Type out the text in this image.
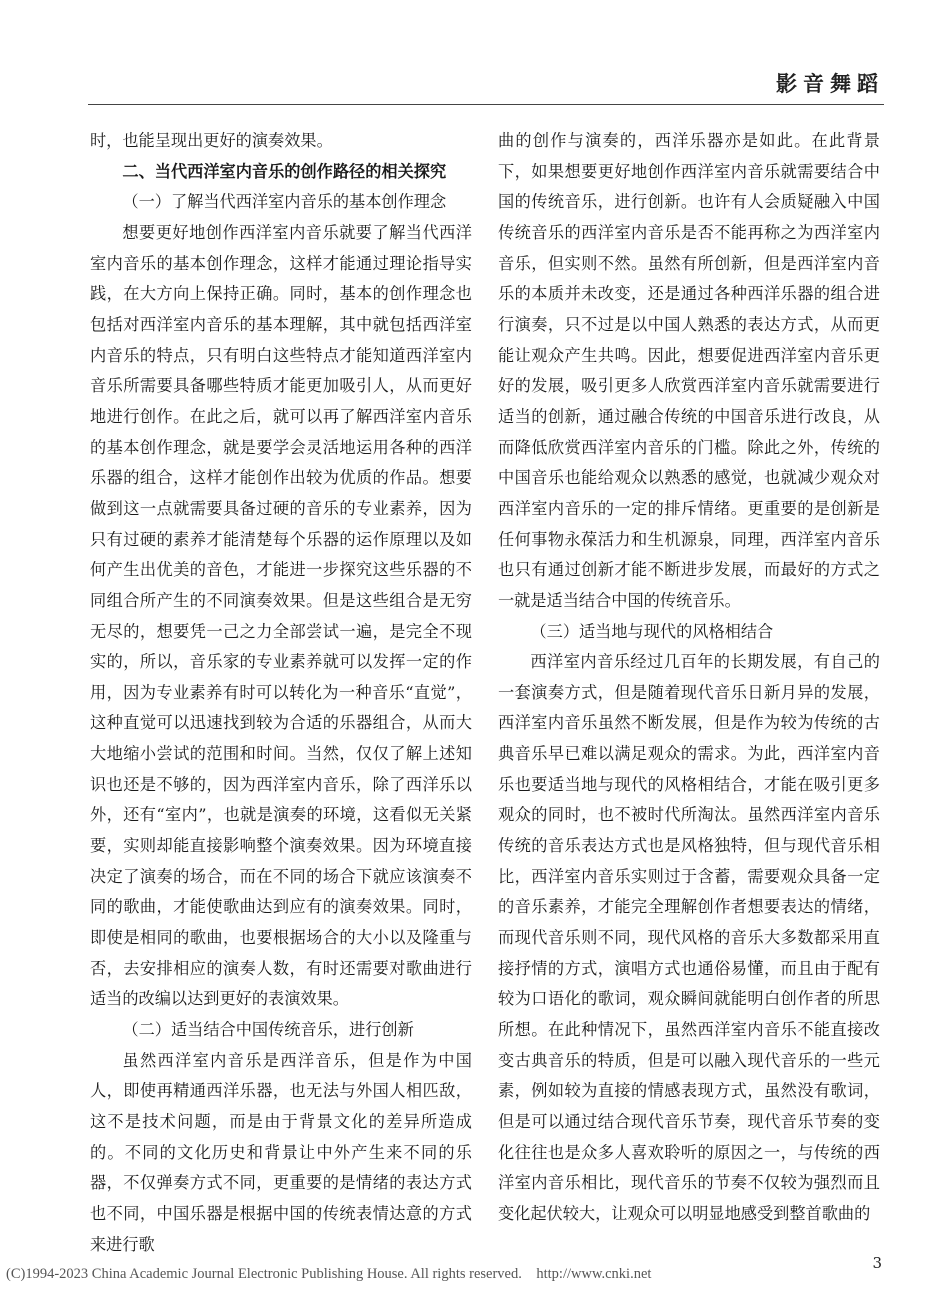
影音舞蹈

时，也能呈现出更好的演奏效果。

二、当代西洋室内音乐的创作路径的相关探究
（一）了解当代西洋室内音乐的基本创作理念

想要更好地创作西洋室内音乐就要了解当代西洋室内音乐的基本创作理念，这样才能通过理论指导实践，在大方向上保持正确。同时，基本的创作理念也包括对西洋室内音乐的基本理解，其中就包括西洋室内音乐的特点，只有明白这些特点才能知道西洋室内音乐所需要具备哪些特质才能更加吸引人，从而更好地进行创作。在此之后，就可以再了解西洋室内音乐的基本创作理念，就是要学会灵活地运用各种的西洋乐器的组合，这样才能创作出较为优质的作品。想要做到这一点就需要具备过硬的音乐的专业素养，因为只有过硬的素养才能清楚每个乐器的运作原理以及如何产生出优美的音色，才能进一步探究这些乐器的不同组合所产生的不同演奏效果。但是这些组合是无穷无尽的，想要凭一己之力全部尝试一遍，是完全不现实的，所以，音乐家的专业素养就可以发挥一定的作用，因为专业素养有时可以转化为一种音乐“直觉”，这种直觉可以迅速找到较为合适的乐器组合，从而大大地缩小尝试的范围和时间。当然，仅仅了解上述知识也还是不够的，因为西洋室内音乐，除了西洋乐以外，还有“室内”，也就是演奏的环境，这看似无关紧要，实则却能直接影响整个演奏效果。因为环境直接决定了演奏的场合，而在不同的场合下就应该演奏不同的歌曲，才能使歌曲达到应有的演奏效果。同时，即使是相同的歌曲，也要根据场合的大小以及隆重与否，去安排相应的演奏人数，有时还需要对歌曲进行适当的改编以达到更好的表演效果。

（二）适当结合中国传统音乐，进行创新

虽然西洋室内音乐是西洋音乐，但是作为中国人，即使再精通西洋乐器，也无法与外国人相匹敌，这不是技术问题，而是由于背景文化的差异所造成的。不同的文化历史和背景让中外产生来不同的乐器，不仅弹奏方式不同，更重要的是情绪的表达方式也不同，中国乐器是根据中国的传统表情达意的方式来进行歌

曲的创作与演奏的，西洋乐器亦是如此。在此背景下，如果想要更好地创作西洋室内音乐就需要结合中国的传统音乐，进行创新。也许有人会质疑融入中国传统音乐的西洋室内音乐是否不能再称之为西洋室内音乐，但实则不然。虽然有所创新，但是西洋室内音乐的本质并未改变，还是通过各种西洋乐器的组合进行演奏，只不过是以中国人熟悉的表达方式，从而更能让观众产生共鸣。因此，想要促进西洋室内音乐更好的发展，吸引更多人欣赏西洋室内音乐就需要进行适当的创新，通过融合传统的中国音乐进行改良，从而降低欣赏西洋室内音乐的门槛。除此之外，传统的中国音乐也能给观众以熟悉的感觉，也就减少观众对西洋室内音乐的一定的排斥情绪。更重要的是创新是任何事物永葆活力和生机源泉，同理，西洋室内音乐也只有通过创新才能不断进步发展，而最好的方式之一就是适当结合中国的传统音乐。

（三）适当地与现代的风格相结合

西洋室内音乐经过几百年的长期发展，有自己的一套演奏方式，但是随着现代音乐日新月异的发展，西洋室内音乐虽然不断发展，但是作为较为传统的古典音乐早已难以满足观众的需求。为此，西洋室内音乐也要适当地与现代的风格相结合，才能在吸引更多观众的同时，也不被时代所淘汰。虽然西洋室内音乐传统的音乐表达方式也是风格独特，但与现代音乐相比，西洋室内音乐实则过于含蓄，需要观众具备一定的音乐素养，才能完全理解创作者想要表达的情绪，而现代音乐则不同，现代风格的音乐大多数都采用直接抒情的方式，演唱方式也通俗易懂，而且由于配有较为口语化的歌词，观众瞬间就能明白创作者的所思所想。在此种情况下，虽然西洋室内音乐不能直接改变古典音乐的特质，但是可以融入现代音乐的一些元素，例如较为直接的情感表现方式，虽然没有歌词，但是可以通过结合现代音乐节奏，现代音乐节奏的变化往往也是众多人喜欢聆听的原因之一，与传统的西洋室内音乐相比，现代音乐的节奏不仅较为强烈而且变化起伏较大，让观众可以明显地感受到整首歌曲的

3
(C)1994-2023 China Academic Journal Electronic Publishing House. All rights reserved. http://www.cnki.net
